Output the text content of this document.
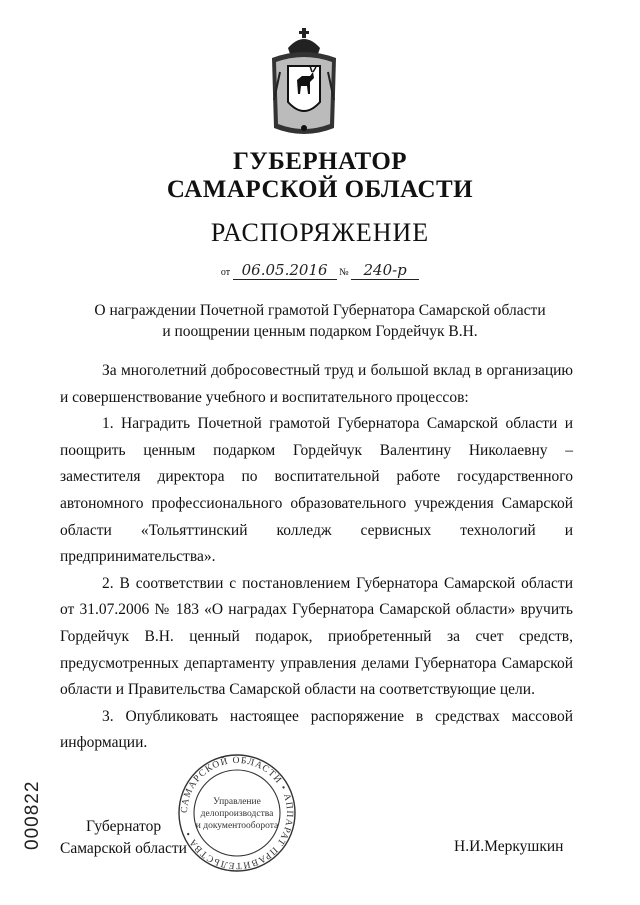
ГУБЕРНАТОР
САМАРСКОЙ ОБЛАСТИ
РАСПОРЯЖЕНИЕ
от 06.05.2016 № 240-р
О награждении Почетной грамотой Губернатора Самарской области
и поощрении ценным подарком Гордейчук В.Н.

За многолетний добросовестный труд и большой вклад в организацию и совершенствование учебного и воспитательного процессов:

1. Наградить Почетной грамотой Губернатора Самарской области и поощрить ценным подарком Гордейчук Валентину Николаевну – заместителя директора по воспитательной работе государственного автономного профессионального образовательного учреждения Самарской области «Тольяттинский колледж сервисных технологий и предпринимательства».

2. В соответствии с постановлением Губернатора Самарской области от 31.07.2006 № 183 «О наградах Губернатора Самарской области» вручить Гордейчук В.Н. ценный подарок, приобретенный за счет средств, предусмотренных департаменту управления делами Губернатора Самарской области и Правительства Самарской области на соответствующие цели.

3. Опубликовать настоящее распоряжение в средствах массовой информации.

000822	САМАРСКОЙ ОБЛАСТИ • АППАРАТ ПРАВИТЕЛЬСТВА •
Управление
делопроизводства
и документооборота
Губернатор
Самарской области	Н.И.Меркушкин
